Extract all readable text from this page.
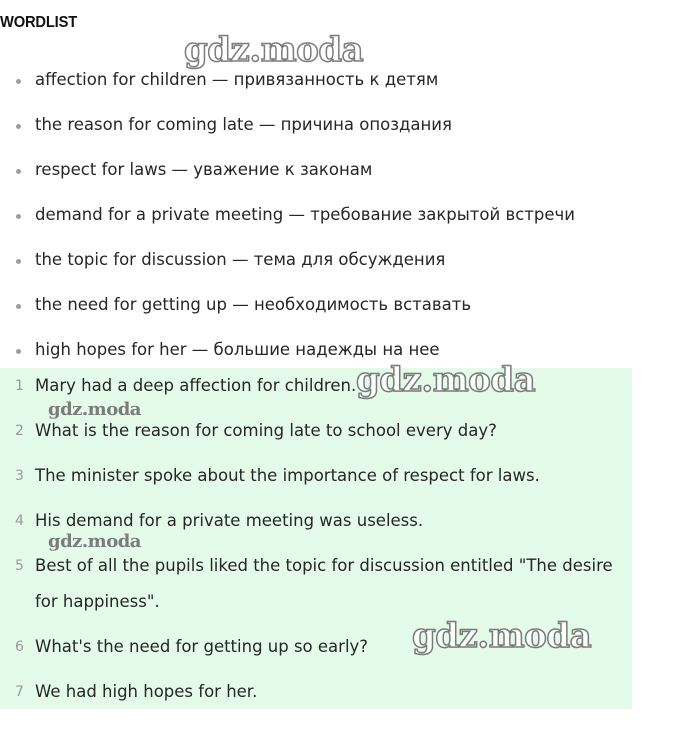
WORDLIST
affection for children — привязанность к детям
the reason for coming late — причина опоздания
respect for laws — уважение к законам
demand for a private meeting — требование закрытой встречи
the topic for discussion — тема для обсуждения
the need for getting up — необходимость вставать
high hopes for her — большие надежды на нее
1 Mary had a deep affection for children.
2 What is the reason for coming late to school every day?
3 The minister spoke about the importance of respect for laws.
4 His demand for a private meeting was useless.
5 Best of all the pupils liked the topic for discussion entitled "The desire for happiness".
6 What's the need for getting up so early?
7 We had high hopes for her.
gdz.moda
gdz.moda
gdz.moda
gdz.moda
gdz.moda
